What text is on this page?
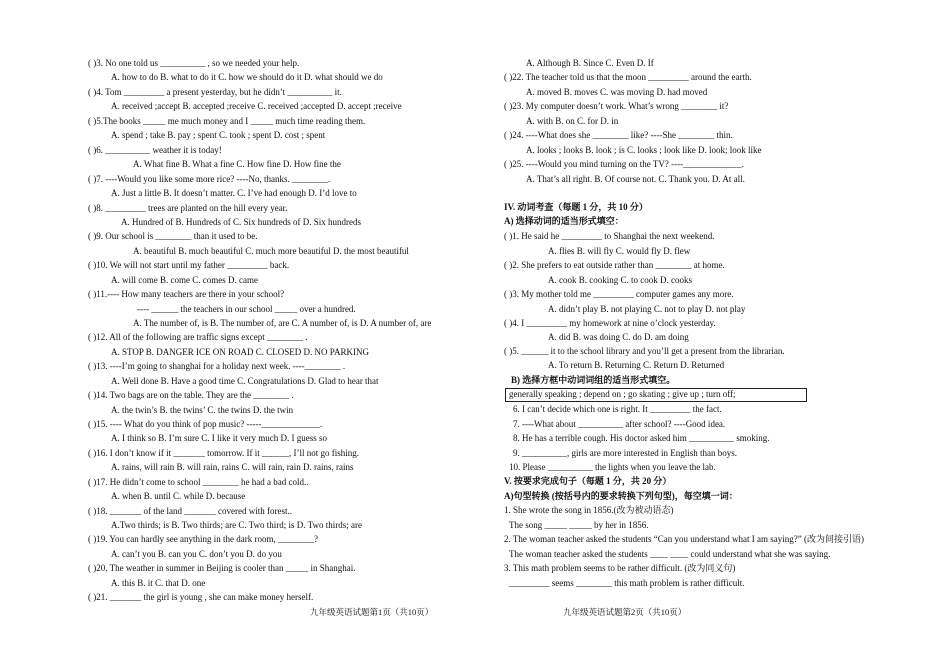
( )3. No one told us __________ , so we needed your help.
A. how to do B. what to do it C. how we should do it D. what should we do
( )4. Tom _________ a present yesterday, but he didn’t __________ it.
A. received ;accept B. accepted ;receive C. received ;accepted D. accept ;receive
( )5.The books _____ me much money and I _____ much time reading them.
A. spend ; take B. pay ; spent C. took ; spent D. cost ; spent
( )6. __________ weather it is today!
A. What fine B. What a fine C. How fine D. How fine the
( )7. ----Would you like some more rice? ----No, thanks. ________.
A. Just a little B. It doesn’t matter. C. I’ve had enough D. I’d love to
( )8. _________ trees are planted on the hill every year.
A. Hundred of B. Hundreds of C. Six hundreds of D. Six hundreds
( )9. Our school is ________ than it used to be.
A. beautiful B. much beautiful C. much more beautiful D. the most beautiful
( )10. We will not start until my father _________ back.
A. will come B. come C. comes D. came
( )11.---- How many teachers are there in your school?
---- ______ the teachers in our school _____ over a hundred.
A. The number of, is B. The number of, are C. A number of, is D. A number of, are
( )12. All of the following are traffic signs except ________ .
A. STOP B. DANGER ICE ON ROAD C. CLOSED D. NO PARKING
( )13. ----I’m going to shanghai for a holiday next week. ----________ .
A. Well done B. Have a good time C. Congratulations D. Glad to hear that
( )14. Two bags are on the table. They are the ________ .
A. the twin’s B. the twins’ C. the twins D. the twin
( )15. ---- What do you think of pop music? -----_____________.
A. I think so B. I’m sure C. I like it very much D. I guess so
( )16. I don’t know if it _______ tomorrow. If it ______, I’ll not go fishing.
A. rains, will rain B. will rain, rains C. will rain, rain D. rains, rains
( )17. He didn’t come to school ________ he had a bad cold..
A. when B. until C. while D. because
( )18. _______ of the land _______ covered with forest..
A.Two thirds; is B. Two thirds; are C. Two third; is D. Two thirds; are
( )19. You can hardly see anything in the dark room, ________?
A. can’t you B. can you C. don’t you D. do you
( )20. The weather in summer in Beijing is cooler than _____ in Shanghai.
A. this B. it C. that D. one
( )21. _______ the girl is young , she can make money herself.
A. Although B. Since C. Even D. If
( )22. The teacher told us that the moon _________ around the earth.
A. moved B. moves C. was moving D. had moved
( )23. My computer doesn’t work. What’s wrong ________ it?
A. with B. on C. for D. in
( )24. ----What does she ________ like? ----She ________ thin.
A. looks ; looks B. look ; is C. looks ; look like D. look; look like
( )25. ----Would you mind turning on the TV? ----_____________.
A. That’s all right. B. Of course not. C. Thank you. D. At all.
IV. 动词考查（每题 1 分，共 10 分）
A) 选择动词的适当形式填空：
( )1. He said he _________ to Shanghai the next weekend.
A. flies B. will fly C. would fly D. flew
( )2. She prefers to eat outside rather than ________ at home.
A. cook B. cooking C. to cook D. cooks
( )3. My mother told me _________ computer games any more.
A. didn’t play B. not playing C. not to play D. not play
( )4. I _________ my homework at nine o’clock yesterday.
A. did B. was doing C. do D. am doing
( )5. ______ it to the school library and you’ll get a present from the librarian.
A. To return B. Returning C. Return D. Returned
B) 选择方框中动词词组的适当形式填空。
generally speaking ; depend on ; go skating ; give up ; turn off;
6. I can’t decide which one is right. It _________ the fact.
7. ----What about __________ after school? ----Good idea.
8. He has a terrible cough. His doctor asked him __________ smoking.
9. __________, girls are more interested in English than boys.
10. Please __________ the lights when you leave the lab.
V. 按要求完成句子（每题 1 分，共 20 分）
A)句型转换 (按括号内的要求转换下列句型)，每空填一词：
1. She wrote the song in 1856.(改为被动语态)
The song _____ _____ by her in 1856.
2. The woman teacher asked the students “Can you understand what I am saying?” (改为间接引语)
The woman teacher asked the students ____ ____ could understand what she was saying.
3. This math problem seems to be rather difficult. (改为同义句)
_________ seems ________ this math problem is rather difficult.
九年级英语试题第1页（共10页）	九年级英语试题第2页（共10页）
